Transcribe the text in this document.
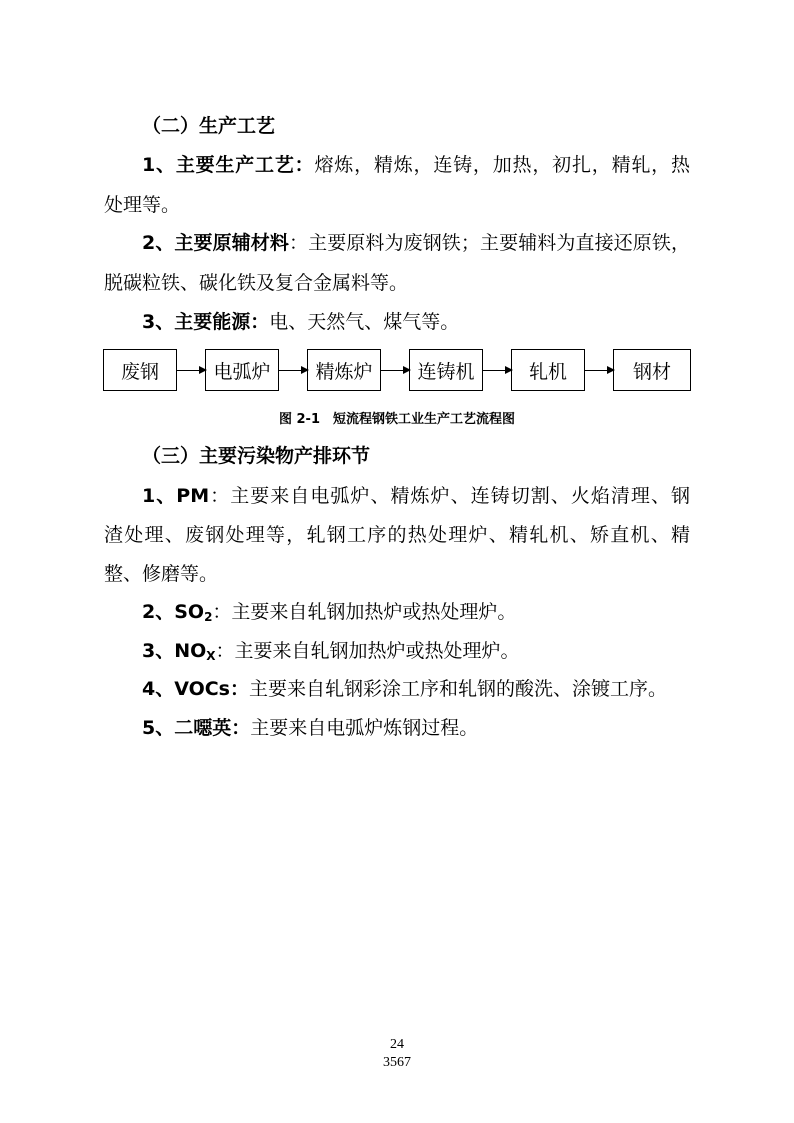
（二）生产工艺
1、主要生产工艺：熔炼，精炼，连铸，加热，初扎，精轧，热
处理等。
2、主要原辅材料：主要原料为废钢铁；主要辅料为直接还原铁，
脱碳粒铁、碳化铁及复合金属料等。
3、主要能源：电、天然气、煤气等。
废钢	电弧炉	精炼炉	连铸机	轧机	钢材
图 2-1　短流程钢铁工业生产工艺流程图
（三）主要污染物产排环节
1、PM：主要来自电弧炉、精炼炉、连铸切割、火焰清理、钢
渣处理、废钢处理等，轧钢工序的热处理炉、精轧机、矫直机、精
整、修磨等。
2、$SO_2$：主要来自轧钢加热炉或热处理炉。
3、$NO_X$：主要来自轧钢加热炉或热处理炉。
4、VOCs：主要来自轧钢彩涂工序和轧钢的酸洗、涂镀工序。
5、二噁英：主要来自电弧炉炼钢过程。
24
3567
